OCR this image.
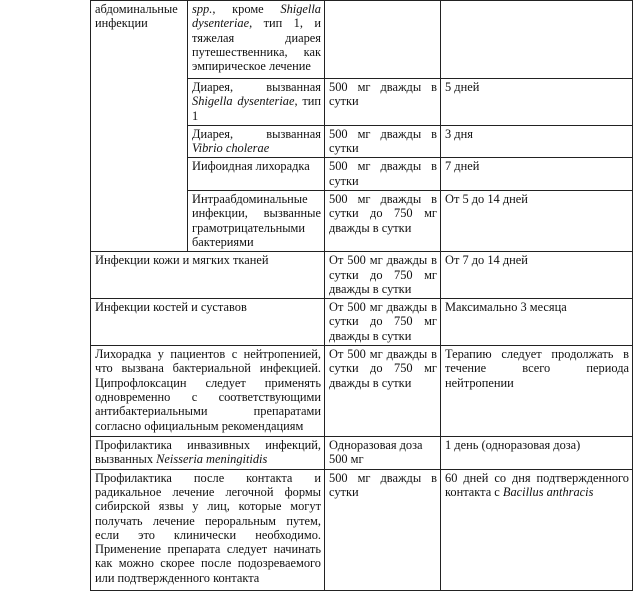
абдоминальные инфекции	spp., кроме Shigella dysenteriae, тип 1, и тяжелая диарея путешественника, как эмпирическое лечение		
	Диарея, вызванная Shigella dysenteriae, тип 1	500 мг дважды в сутки	5 дней
	Диарея, вызванная Vibrio cholerae	500 мг дважды в сутки	3 дня
	Иифоидная лихорадка	500 мг дважды в сутки	7 дней
	Интраабдоминальные инфекции, вызванные грамотрицательными бактериями	500 мг дважды в сутки до 750 мг дважды в сутки	От 5 до 14 дней
Инфекции кожи и мягких тканей		От 500 мг дважды в сутки до 750 мг дважды в сутки	От 7 до 14 дней
Инфекции костей и суставов		От 500 мг дважды в сутки до 750 мг дважды в сутки	Максимально 3 месяца
Лихорадка у пациентов с нейтропенией, что вызвана бактериальной инфекцией. Ципрофлоксацин следует применять одновременно с соответствующими антибактериальными препаратами согласно официальным рекомендациям		От 500 мг дважды в сутки до 750 мг дважды в сутки	Терапию следует продолжать в течение всего периода нейтропении
Профилактика инвазивных инфекций, вызванных Neisseria meningitidis		Одноразовая доза 500 мг	1 день (одноразовая доза)
Профилактика после контакта и радикальное лечение легочной формы сибирской язвы у лиц, которые могут получать лечение пероральным путем, если это клинически необходимо. Применение препарата следует начинать как можно скорее после подозреваемого или подтвержденного контакта		500 мг дважды в сутки	60 дней со дня подтвержденного контакта с Bacillus anthracis
